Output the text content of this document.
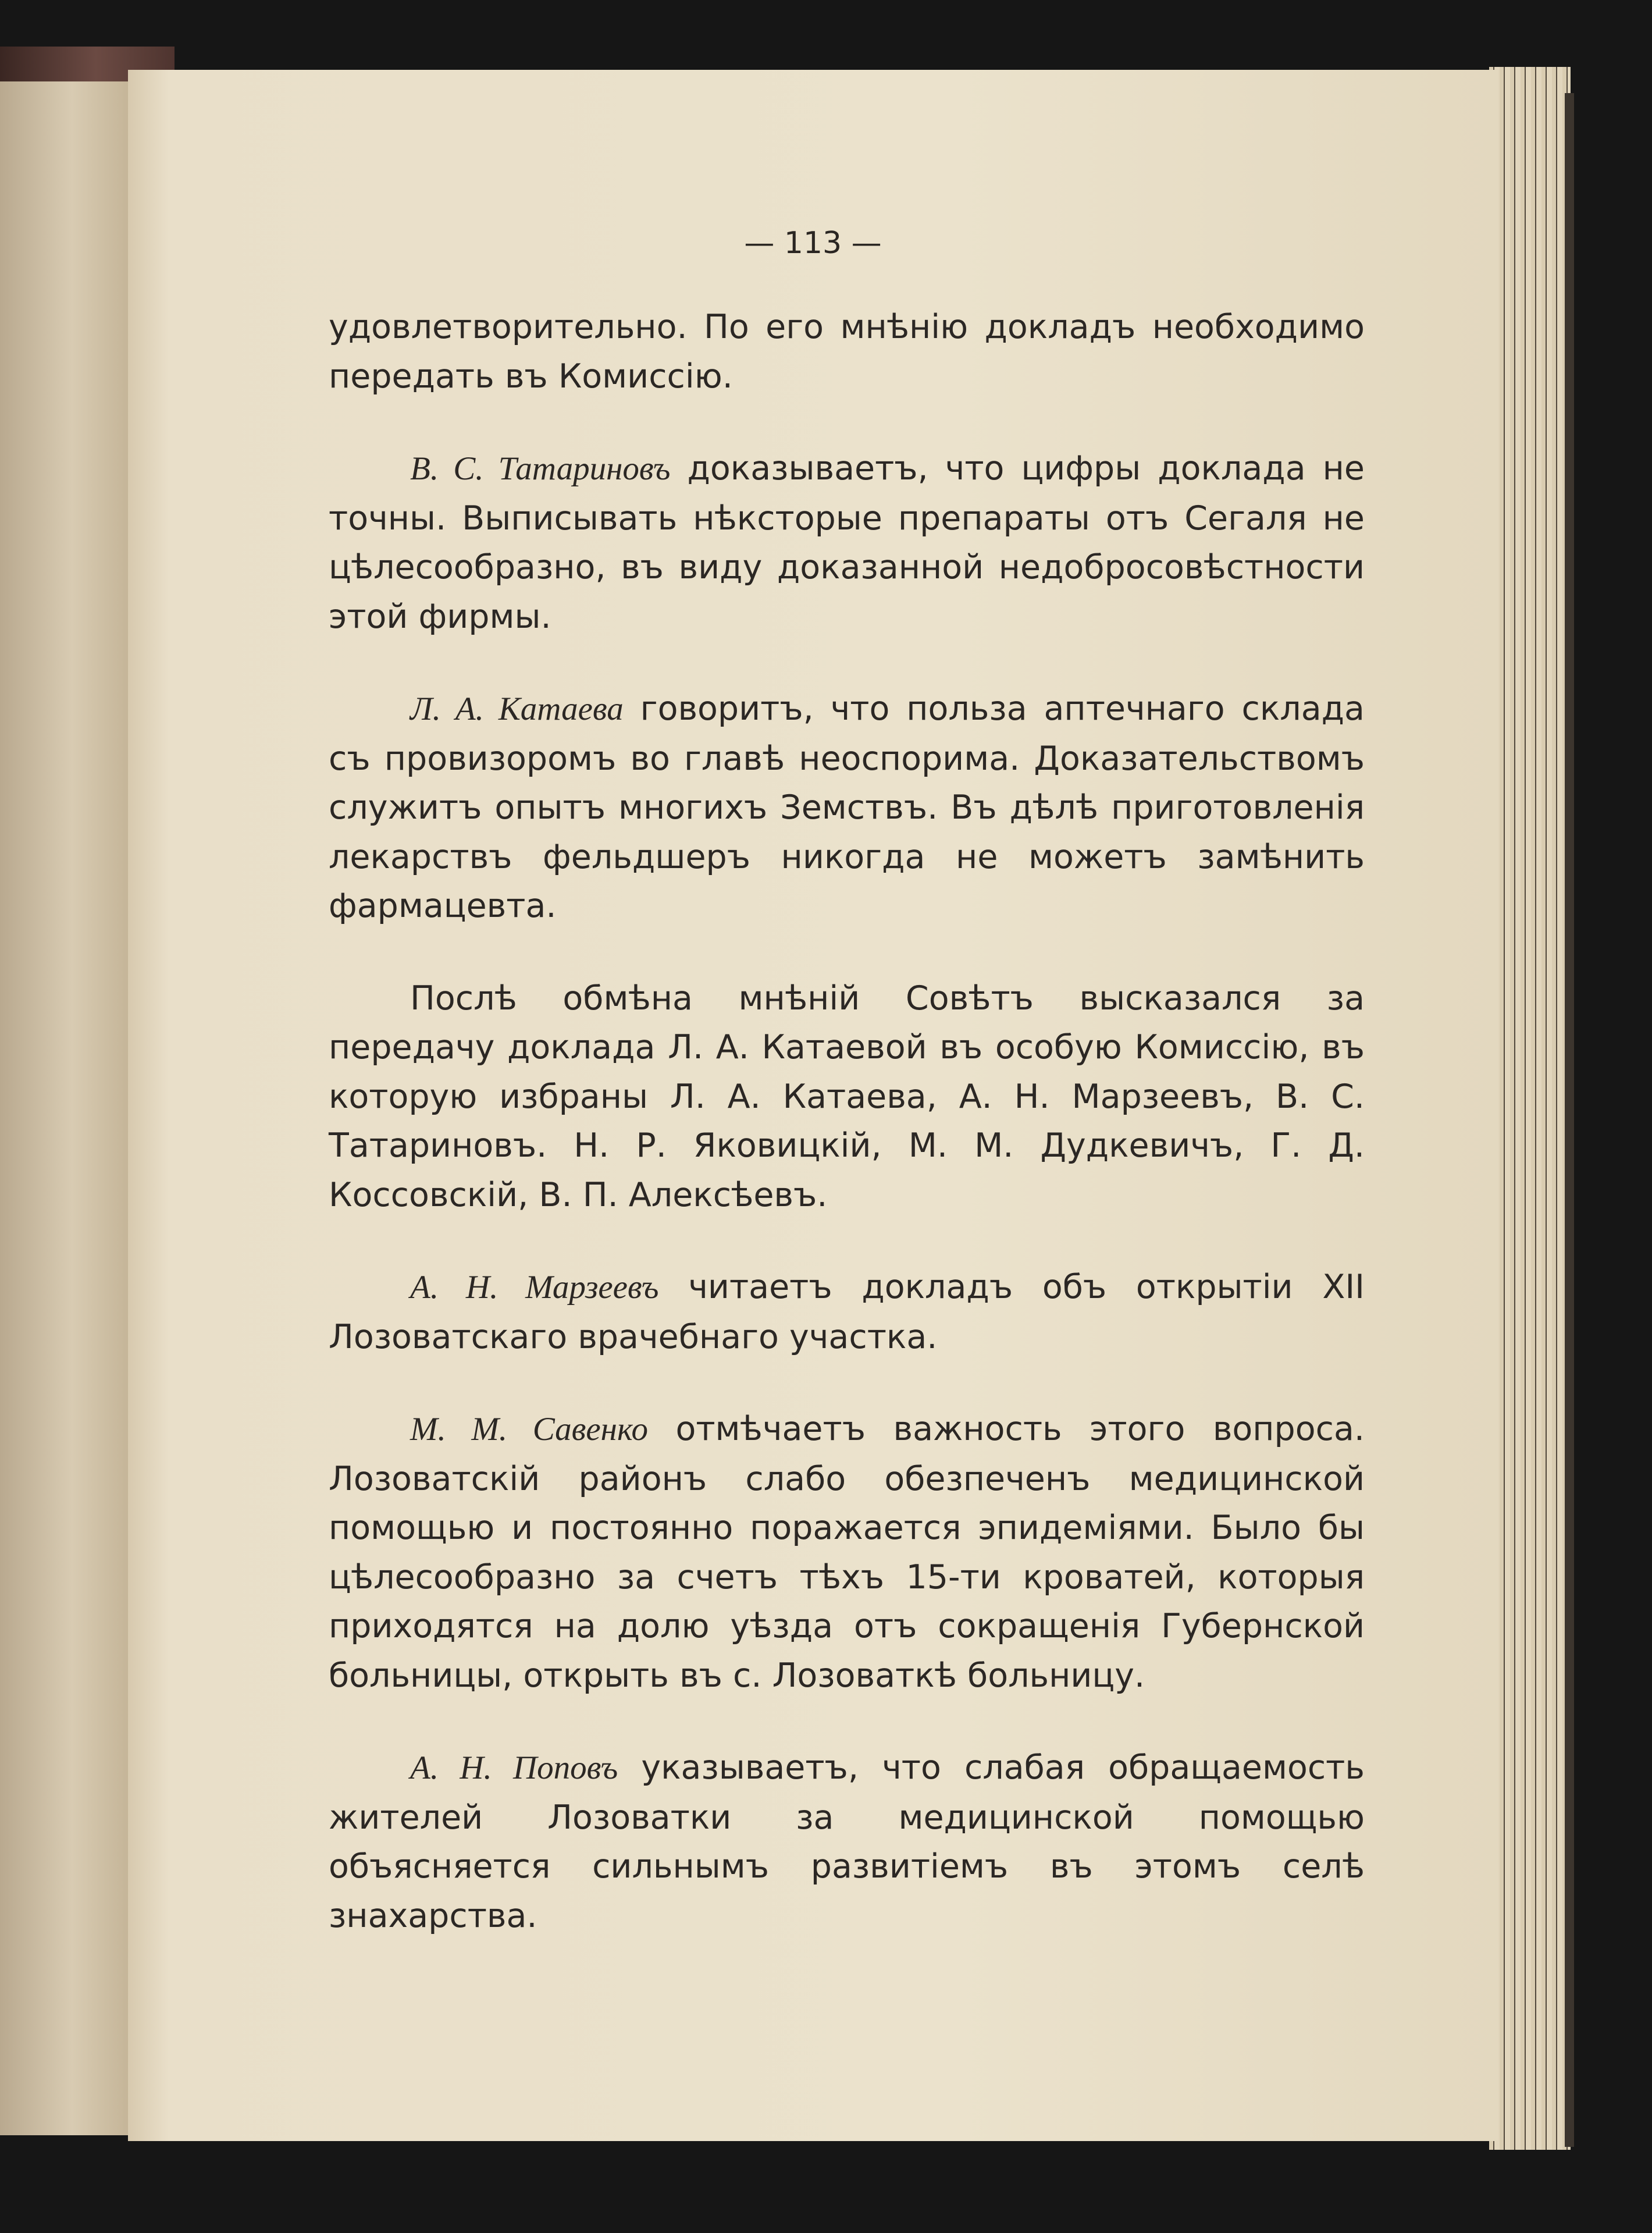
— 113 —

удовлетворительно. По его мнѣнію докладъ необходимо передать въ Комиссію.

В. С. Татариновъ доказываетъ, что цифры доклада не точны. Выписывать нѣксторые препараты отъ Сегаля не цѣлесообразно, въ виду доказанной недобросовѣстности этой фирмы.

Л. А. Катаева говоритъ, что польза аптечнаго склада съ провизоромъ во главѣ неоспорима. Доказательствомъ служитъ опытъ многихъ Земствъ. Въ дѣлѣ приготовленія лекарствъ фельдшеръ никогда не можетъ замѣнить фармацевта.

Послѣ обмѣна мнѣній Совѣтъ высказался за передачу доклада Л. А. Катаевой въ особую Комиссію, въ которую избраны Л. А. Катаева, А. Н. Марзеевъ, В. С. Татариновъ. Н. Р. Яковицкій, М. М. Дудкевичъ, Г. Д. Коссовскій, В. П. Алексѣевъ.

А. Н. Марзеевъ читаетъ докладъ объ открытіи XII Лозоватскаго врачебнаго участка.

М. М. Савенко отмѣчаетъ важность этого вопроса. Лозоватскій районъ слабо обезпеченъ медицинской помощью и постоянно поражается эпидеміями. Было бы цѣлесообразно за счетъ тѣхъ 15-ти кроватей, которыя приходятся на долю уѣзда отъ сокращенія Губернской больницы, открыть въ с. Лозоваткѣ больницу.

А. Н. Поповъ указываетъ, что слабая обращаемость жителей Лозоватки за медицинской помощью объясняется сильнымъ развитіемъ въ этомъ селѣ знахарства.
